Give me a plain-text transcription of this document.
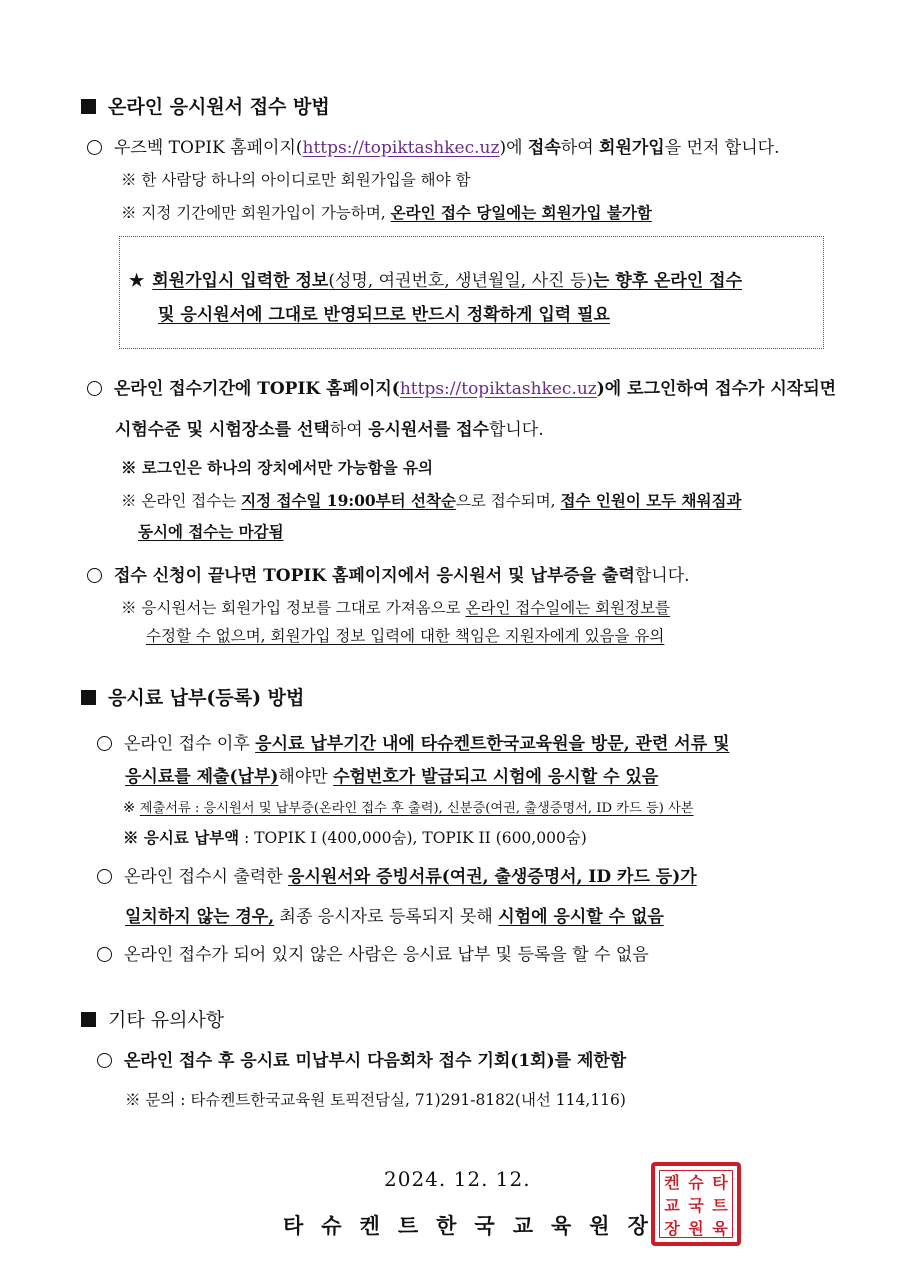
온라인 응시원서 접수 방법
우즈벡 TOPIK 홈페이지(https://topiktashkec.uz)에 접속하여 회원가입을 먼저 합니다.
※ 한 사람당 하나의 아이디로만 회원가입을 해야 함
※ 지정 기간에만 회원가입이 가능하며, 온라인 접수 당일에는 회원가입 불가함
★ 회원가입시 입력한 정보(성명, 여권번호, 생년월일, 사진 등)는 향후 온라인 접수
및 응시원서에 그대로 반영되므로 반드시 정확하게 입력 필요
온라인 접수기간에 TOPIK 홈페이지(https://topiktashkec.uz)에 로그인하여 접수가 시작되면
시험수준 및 시험장소를 선택하여 응시원서를 접수합니다.
※ 로그인은 하나의 장치에서만 가능함을 유의
※ 온라인 접수는 지정 접수일 19:00부터 선착순으로 접수되며, 접수 인원이 모두 채워짐과
동시에 접수는 마감됨
접수 신청이 끝나면 TOPIK 홈페이지에서 응시원서 및 납부증을 출력합니다.
※ 응시원서는 회원가입 정보를 그대로 가져옴으로 온라인 접수일에는 회원정보를
수정할 수 없으며, 회원가입 정보 입력에 대한 책임은 지원자에게 있음을 유의
응시료 납부(등록) 방법
온라인 접수 이후 응시료 납부기간 내에 타슈켄트한국교육원을 방문, 관련 서류 및
응시료를 제출(납부)해야만 수험번호가 발급되고 시험에 응시할 수 있음
※ 제출서류 : 응시원서 및 납부증(온라인 접수 후 출력), 신분증(여권, 출생증명서, ID 카드 등) 사본
※ 응시료 납부액 : TOPIK I (400,000숨), TOPIK II (600,000숨)
온라인 접수시 출력한 응시원서와 증빙서류(여권, 출생증명서, ID 카드 등)가
일치하지 않는 경우, 최종 응시자로 등록되지 못해 시험에 응시할 수 없음
온라인 접수가 되어 있지 않은 사람은 응시료 납부 및 등록을 할 수 없음
기타 유의사항
온라인 접수 후 응시료 미납부시 다음회차 접수 기회(1회)를 제한함
※ 문의 : 타슈켄트한국교육원 토픽전담실, 71)291-8182(내선 114,116)
2024. 12. 12.
타슈켄트한국교육원장
켄 슈 타
교 국 트
장 원 육
